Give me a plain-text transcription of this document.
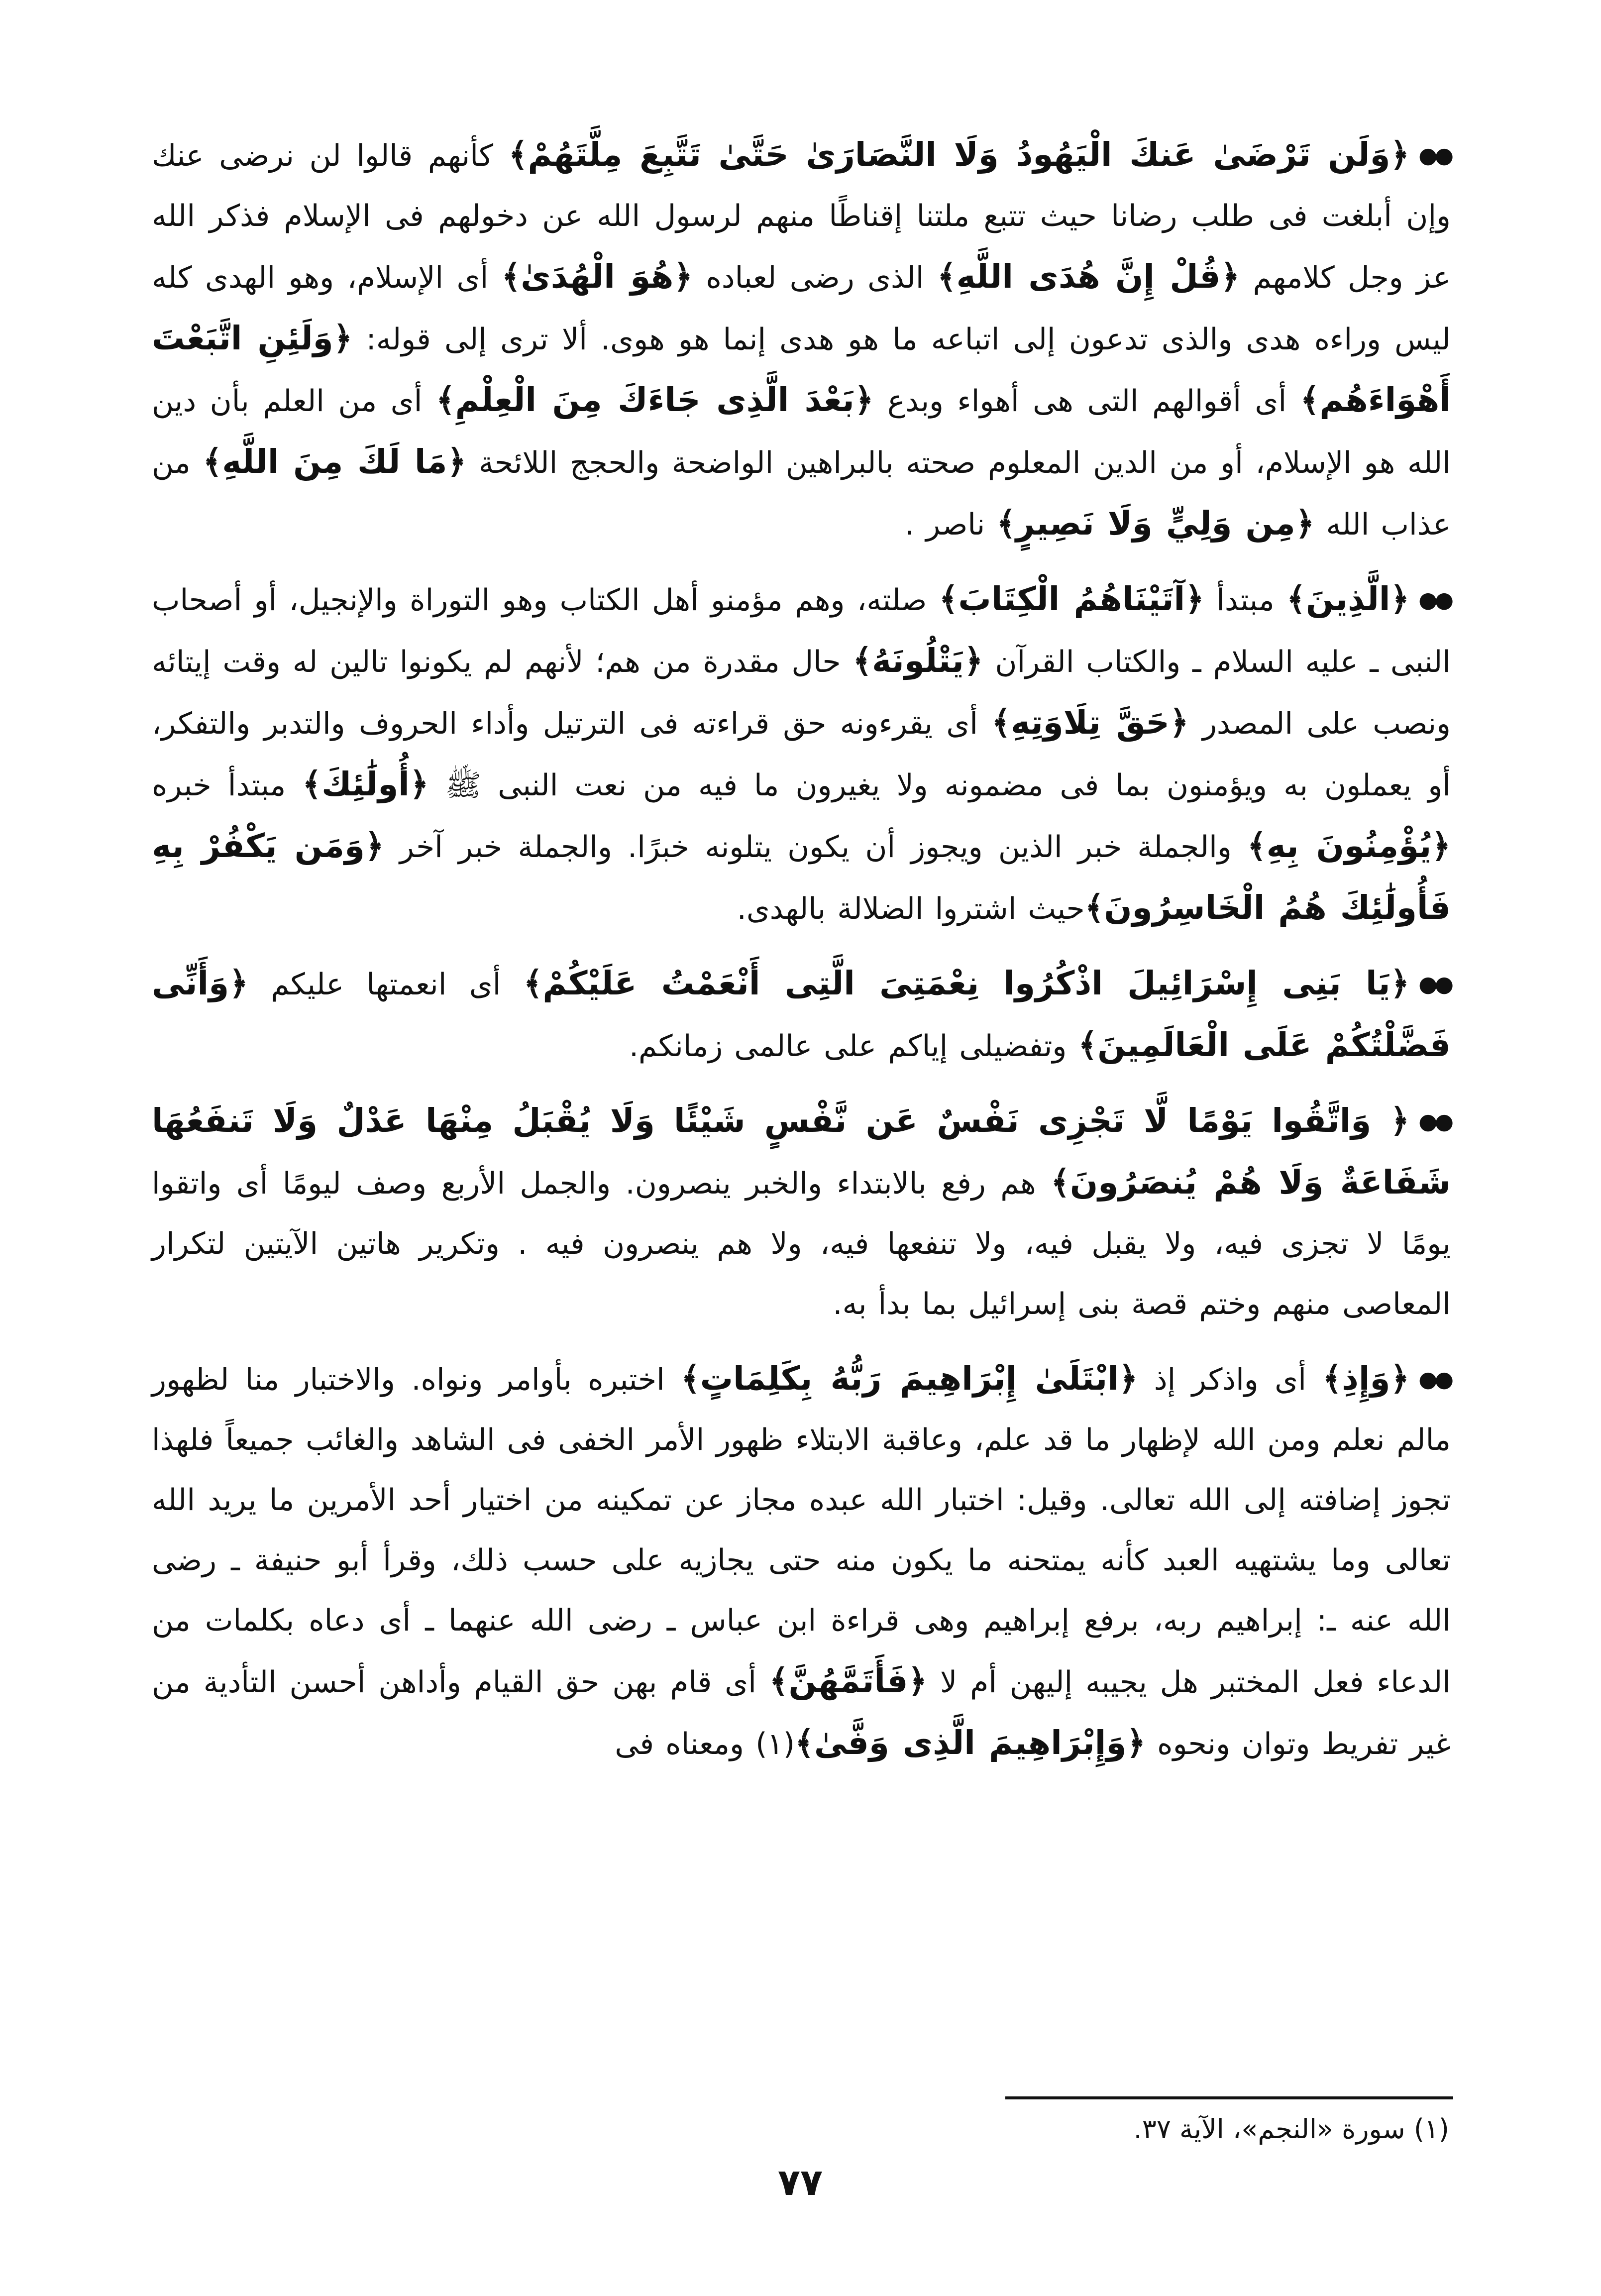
●●﴿وَلَن تَرْضَىٰ عَنكَ الْيَهُودُ وَلَا النَّصَارَىٰ حَتَّىٰ تَتَّبِعَ مِلَّتَهُمْ﴾ كأنهم قالوا لن نرضى عنك وإن أبلغت فى طلب رضانا حيث تتبع ملتنا إقناطًا منهم لرسول الله عن دخولهم فى الإسلام فذكر الله عز وجل كلامهم ﴿قُلْ إِنَّ هُدَى اللَّهِ﴾ الذى رضى لعباده ﴿هُوَ الْهُدَىٰ﴾ أى الإسلام، وهو الهدى كله ليس وراءه هدى والذى تدعون إلى اتباعه ما هو هدى إنما هو هوى. ألا ترى إلى قوله: ﴿وَلَئِنِ اتَّبَعْتَ أَهْوَاءَهُم﴾ أى أقوالهم التى هى أهواء وبدع ﴿بَعْدَ الَّذِى جَاءَكَ مِنَ الْعِلْمِ﴾ أى من العلم بأن دين الله هو الإسلام، أو من الدين المعلوم صحته بالبراهين الواضحة والحجج اللائحة ﴿مَا لَكَ مِنَ اللَّهِ﴾ من عذاب الله ﴿مِن وَلِيٍّ وَلَا نَصِيرٍ﴾ ناصر .

●●﴿الَّذِينَ﴾ مبتدأ ﴿آتَيْنَاهُمُ الْكِتَابَ﴾ صلته، وهم مؤمنو أهل الكتاب وهو التوراة والإنجيل، أو أصحاب النبى ـ عليه السلام ـ والكتاب القرآن ﴿يَتْلُونَهُ﴾ حال مقدرة من هم؛ لأنهم لم يكونوا تالين له وقت إيتائه ونصب على المصدر ﴿حَقَّ تِلَاوَتِهِ﴾ أى يقرءونه حق قراءته فى الترتيل وأداء الحروف والتدبر والتفكر، أو يعملون به ويؤمنون بما فى مضمونه ولا يغيرون ما فيه من نعت النبى ﷺ ﴿أُولَٰئِكَ﴾ مبتدأ خبره ﴿يُؤْمِنُونَ بِهِ﴾ والجملة خبر الذين ويجوز أن يكون يتلونه خبرًا. والجملة خبر آخر ﴿وَمَن يَكْفُرْ بِهِ فَأُولَٰئِكَ هُمُ الْخَاسِرُونَ﴾حيث اشتروا الضلالة بالهدى.

●●﴿يَا بَنِى إِسْرَائِيلَ اذْكُرُوا نِعْمَتِىَ الَّتِى أَنْعَمْتُ عَلَيْكُمْ﴾ أى انعمتها عليكم ﴿وَأَنِّى فَضَّلْتُكُمْ عَلَى الْعَالَمِينَ﴾ وتفضيلى إياكم على عالمى زمانكم.

●●﴿ وَاتَّقُوا يَوْمًا لَّا تَجْزِى نَفْسٌ عَن نَّفْسٍ شَيْئًا وَلَا يُقْبَلُ مِنْهَا عَدْلٌ وَلَا تَنفَعُهَا شَفَاعَةٌ وَلَا هُمْ يُنصَرُونَ﴾ هم رفع بالابتداء والخبر ينصرون. والجمل الأربع وصف ليومًا أى واتقوا يومًا لا تجزى فيه، ولا يقبل فيه، ولا تنفعها فيه، ولا هم ينصرون فيه . وتكرير هاتين الآيتين لتكرار المعاصى منهم وختم قصة بنى إسرائيل بما بدأ به.

●●﴿وَإِذِ﴾ أى واذكر إذ ﴿ابْتَلَىٰ إِبْرَاهِيمَ رَبُّهُ بِكَلِمَاتٍ﴾ اختبره بأوامر ونواه. والاختبار منا لظهور مالم نعلم ومن الله لإظهار ما قد علم، وعاقبة الابتلاء ظهور الأمر الخفى فى الشاهد والغائب جميعاً فلهذا تجوز إضافته إلى الله تعالى. وقيل: اختبار الله عبده مجاز عن تمكينه من اختيار أحد الأمرين ما يريد الله تعالى وما يشتهيه العبد كأنه يمتحنه ما يكون منه حتى يجازيه على حسب ذلك، وقرأ أبو حنيفة ـ رضى الله عنه ـ: إبراهيم ربه، برفع إبراهيم وهى قراءة ابن عباس ـ رضى الله عنهما ـ أى دعاه بكلمات من الدعاء فعل المختبر هل يجيبه إليهن أم لا ﴿فَأَتَمَّهُنَّ﴾ أى قام بهن حق القيام وأداهن أحسن التأدية من غير تفريط وتوان ونحوه ﴿وَإِبْرَاهِيمَ الَّذِى وَفَّىٰ﴾(١) ومعناه فى

(١) سورة «النجم»، الآية ٣٧.
٧٧
